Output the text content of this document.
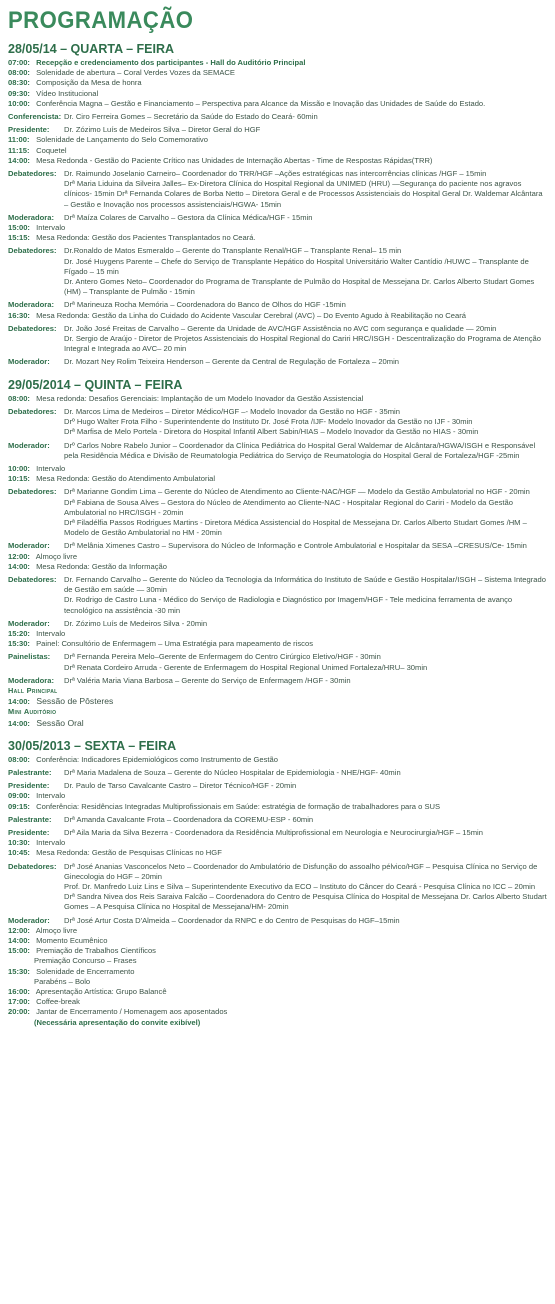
PROGRAMAÇÃO
28/05/14 – QUARTA – FEIRA
07:00: Recepção e credenciamento dos participantes - Hall do Auditório Principal
08:00: Solenidade de abertura – Coral Verdes Vozes da SEMACE
08:30: Composição da Mesa de honra
09:30: Vídeo Institucional
10:00: Conferência Magna – Gestão e Financiamento – Perspectiva para Alcance da Missão e Inovação das Unidades de Saúde do Estado.
Conferencista: Dr. Ciro Ferreira Gomes – Secretário da Saúde do Estado do Ceará- 60min
Presidente:	Dr. Zózimo Luís de Medeiros Silva – Diretor Geral do HGF
11:00: Solenidade de Lançamento do Selo Comemorativo
11:15: Coquetel
14:00: Mesa Redonda - Gestão do Paciente Crítico nas Unidades de Internação Abertas - Time de Respostas Rápidas(TRR)
Debatedores: Dr. Raimundo Joselanio Carneiro– Coordenador do TRR/HGF –Ações estratégicas nas intercorrências clínicas /HGF – 15min
Drª Maria Liduina da Silveira Jalles– Ex-Diretora Clínica do Hospital Regional da UNIMED (HRU) —Segurança do paciente nos agravos clínicos- 15min Drª Fernanda Colares de Borba Netto – Diretora Geral e de Processos Assistenciais do Hospital Geral Dr. Waldemar Alcântara – Gestão e Inovação nos processos assistenciais/HGWA- 15min
Moderadora:	Drª Maíza Colares de Carvalho – Gestora da Clínica Médica/HGF - 15min
15:00: Intervalo
15:15: Mesa Redonda: Gestão dos Pacientes Transplantados no Ceará.
Debatedores: Dr.Ronaldo de Matos Esmeraldo – Gerente do Transplante Renal/HGF – Transplante Renal– 15 min
Dr. José Huygens Parente – Chefe do Serviço de Transplante Hepático do Hospital Universitário Walter Cantídio /HUWC – Transplante de Fígado – 15 min
Dr. Antero Gomes Neto– Coordenador do Programa de Transplante de Pulmão do Hospital de Messejana Dr. Carlos Alberto Studart Gomes (HM) – Transplante de Pulmão - 15min
Moderadora:	Drª Marineuza Rocha Memória – Coordenadora do Banco de Olhos do HGF -15min
16:30: Mesa Redonda: Gestão da Linha do Cuidado do Acidente Vascular Cerebral (AVC) – Do Evento Agudo à Reabilitação no Ceará
Debatedores: Dr. João José Freitas de Carvalho – Gerente da Unidade de AVC/HGF Assistência no AVC com segurança e qualidade — 20min
Dr. Sergio de Araújo - Diretor de Projetos Assistenciais do Hospital Regional do Cariri HRC/ISGH - Descentralização do Programa de Atenção Integral e Integrada ao AVC– 20 min
Moderador:	Dr. Mozart Ney Rolim Teixeira Henderson – Gerente da Central de Regulação de Fortaleza – 20min
29/05/2014 – QUINTA – FEIRA
08:00: Mesa redonda: Desafios Gerenciais: Implantação de um Modelo Inovador da Gestão Assistencial
Debatedores: Dr. Marcos Lima de Medeiros – Diretor Médico/HGF –- Modelo Inovador da Gestão no HGF - 35min
Drº Hugo Walter Frota Filho - Superintendente do Instituto Dr. José Frota /IJF- Modelo Inovador da Gestão no IJF - 30min
Drª Marfisa de Melo Portela - Diretora do Hospital Infantil Albert Sabin/HIAS – Modelo Inovador da Gestão no HIAS - 30min
Moderador:	Drº Carlos Nobre Rabelo Junior – Coordenador da Clínica Pediátrica do Hospital Geral Waldemar de Alcântara/HGWA/ISGH e Responsável pela Residência Médica e Divisão de Reumatologia Pediátrica do Serviço de Reumatologia do Hospital Geral de Fortaleza/HGF -25min
10:00: Intervalo
10:15: Mesa Redonda: Gestão do Atendimento Ambulatorial
Debatedores: Drª Marianne Gondim Lima – Gerente do Núcleo de Atendimento ao Cliente-NAC/HGF — Modelo da Gestão Ambulatorial no HGF - 20min
Drª Fabiana de Sousa Alves – Gestora do Núcleo de Atendimento ao Cliente-NAC - Hospitalar Regional do Cariri - Modelo da Gestão Ambulatorial no HRC/ISGH - 20min
Drª Filadélfia Passos Rodrigues Martins - Diretora Médica Assistencial do Hospital de Messejana Dr. Carlos Alberto Studart Gomes /HM – Modelo de Gestão Ambulatorial no HM - 20min
Moderador:	Drª Melânia Ximenes Castro – Supervisora do Núcleo de Informação e Controle Ambulatorial e Hospitalar da SESA –CRESUS/Ce- 15min
12:00: Almoço livre
14:00: Mesa Redonda: Gestão da Informação
Debatedores: Dr. Fernando Carvalho – Gerente do Núcleo da Tecnologia da Informática do Instituto de Saúde e Gestão Hospitalar/ISGH – Sistema Integrado de Gestão em saúde — 30min
Dr. Rodrigo de Castro Luna - Médico do Serviço de Radiologia e Diagnóstico por Imagem/HGF - Tele medicina ferramenta de avanço tecnológico na assistência -30 min
Moderador:	Dr. Zózimo Luís de Medeiros Silva - 20min
15:20: Intervalo
15:30: Painel: Consultório de Enfermagem – Uma Estratégia para mapeamento de riscos
Painelistas:	Drª Fernanda Pereira Melo–Gerente de Enfermagem do Centro Cirúrgico Eletivo/HGF - 30min
Drª Renata Cordeiro Arruda - Gerente de Enfermagem do Hospital Regional Unimed Fortaleza/HRU– 30min
Moderadora:	Drª Valéria Maria Viana Barbosa – Gerente do Serviço de Enfermagem /HGF - 30min
Hall Principal
14:00: Sessão de Pôsteres
Mini Auditório
14:00: Sessão Oral
30/05/2013 – SEXTA – FEIRA
08:00: Conferência: Indicadores Epidemiológicos como Instrumento de Gestão
Palestrante:	Drª Maria Madalena de Souza – Gerente do Núcleo Hospitalar de Epidemiologia - NHE/HGF- 40min
Presidente:	Dr. Paulo de Tarso Cavalcante Castro – Diretor Técnico/HGF - 20min
09:00: Intervalo
09:15: Conferência: Residências Integradas Multiprofissionais em Saúde: estratégia de formação de trabalhadores para o SUS
Palestrante:	Drª Amanda Cavalcante Frota – Coordenadora da COREMU-ESP - 60min
Presidente:	Drª Aila Maria da Silva Bezerra - Coordenadora da Residência Multiprofissional em Neurologia e Neurocirurgia/HGF – 15min
10:30: Intervalo
10:45: Mesa Redonda: Gestão de Pesquisas Clínicas no HGF
Debatedores: Drª José Ananias Vasconcelos Neto – Coordenador do Ambulatório de Disfunção do assoalho pélvico/HGF – Pesquisa Clínica no Serviço de Ginecologia do HGF – 20min
Prof. Dr. Manfredo Luiz Lins e Silva – Superintendente Executivo da ECO – Instituto do Câncer do Ceará - Pesquisa Clínica no ICC – 20min
Drª Sandra Nivea dos Reis Saraiva Falcão – Coordenadora do Centro de Pesquisa Clínica do Hospital de Messejana Dr. Carlos Alberto Studart Gomes – A Pesquisa Clínica no Hospital de Messejana/HM- 20min
Moderador:	Drª José Artur Costa D'Almeida – Coordenador da RNPC e do Centro de Pesquisas do HGF–15min
12:00: Almoço livre
14:00: Momento Ecumênico
15:00: Premiação de Trabalhos Científicos
Premiação Concurso – Frases
15:30: Solenidade de Encerramento
Parabéns – Bolo
16:00: Apresentação Artística: Grupo Balancê
17:00: Coffee-break
20:00: Jantar de Encerramento / Homenagem aos aposentados
(Necessária apresentação do convite exibível)
